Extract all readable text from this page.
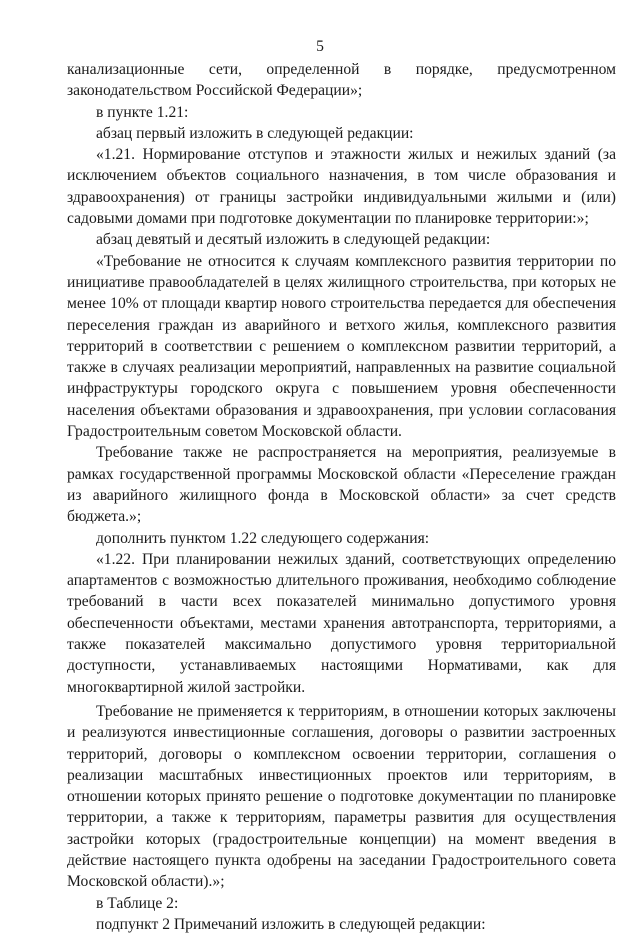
5

канализационные сети, определенной в порядке, предусмотренном законодательством Российской Федерации»;

в пункте 1.21:

абзац первый изложить в следующей редакции:

«1.21. Нормирование отступов и этажности жилых и нежилых зданий (за исключением объектов социального назначения, в том числе образования и здравоохранения) от границы застройки индивидуальными жилыми и (или) садовыми домами при подготовке документации по планировке территории:»;

абзац девятый и десятый изложить в следующей редакции:

«Требование не относится к случаям комплексного развития территории по инициативе правообладателей в целях жилищного строительства, при которых не менее 10% от площади квартир нового строительства передается для обеспечения переселения граждан из аварийного и ветхого жилья, комплексного развития территорий в соответствии с решением о комплексном развитии территорий, а также в случаях реализации мероприятий, направленных на развитие социальной инфраструктуры городского округа с повышением уровня обеспеченности населения объектами образования и здравоохранения, при условии согласования Градостроительным советом Московской области.

Требование также не распространяется на мероприятия, реализуемые в рамках государственной программы Московской области «Переселение граждан из аварийного жилищного фонда в Московской области» за счет средств бюджета.»;

дополнить пунктом 1.22 следующего содержания:

«1.22. При планировании нежилых зданий, соответствующих определению апартаментов с возможностью длительного проживания, необходимо соблюдение требований в части всех показателей минимально допустимого уровня обеспеченности объектами, местами хранения автотранспорта, территориями, а также показателей максимально допустимого уровня территориальной доступности, устанавливаемых настоящими Нормативами, как для многоквартирной жилой застройки.

Требование не применяется к территориям, в отношении которых заключены и реализуются инвестиционные соглашения, договоры о развитии застроенных территорий, договоры о комплексном освоении территории, соглашения о реализации масштабных инвестиционных проектов или территориям, в отношении которых принято решение о подготовке документации по планировке территории, а также к территориям, параметры развития для осуществления застройки которых (градостроительные концепции) на момент введения в действие настоящего пункта одобрены на заседании Градостроительного совета Московской области).»;

в Таблице 2:

подпункт 2 Примечаний изложить в следующей редакции:
